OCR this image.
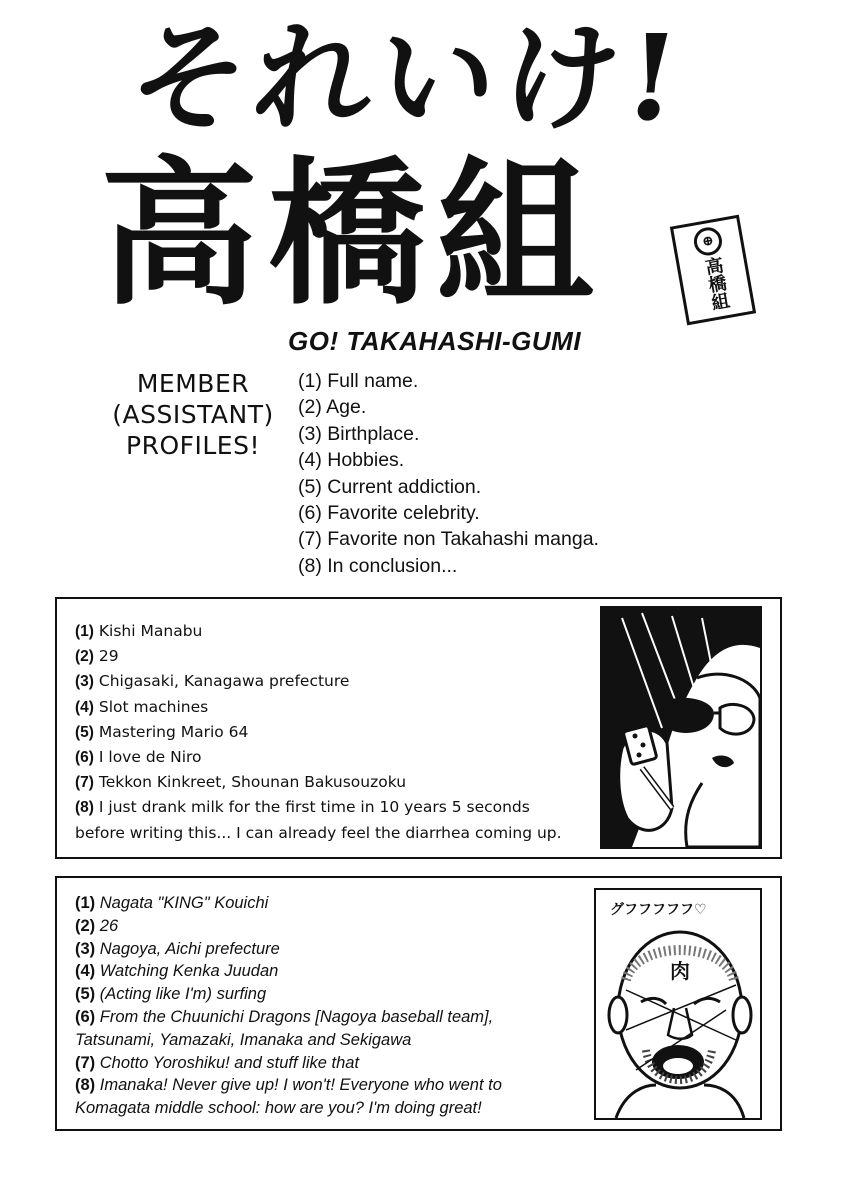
それいけ!
高橋組	⊕
高橋組
GO! TAKAHASHI-GUMI
MEMBER
(ASSISTANT)
PROFILES!
(1) Full name.
(2) Age.
(3) Birthplace.
(4) Hobbies.
(5) Current addiction.
(6) Favorite celebrity.
(7) Favorite non Takahashi manga.
(8) In conclusion...
(1) Kishi Manabu
(2) 29
(3) Chigasaki, Kanagawa prefecture
(4) Slot machines
(5) Mastering Mario 64
(6) I love de Niro
(7) Tekkon Kinkreet, Shounan Bakusouzoku
(8) I just drank milk for the first time in 10 years 5 seconds
before writing this... I can already feel the diarrhea coming up.
(1) Nagata "KING" Kouichi
(2) 26
(3) Nagoya, Aichi prefecture
(4) Watching Kenka Juudan
(5) (Acting like I'm) surfing
(6) From the Chuunichi Dragons [Nagoya baseball team],
Tatsunami, Yamazaki, Imanaka and Sekigawa
(7) Chotto Yoroshiku! and stuff like that
(8) Imanaka! Never give up! I won't! Everyone who went to
Komagata middle school: how are you? I'm doing great!
グフフフフフ♡
肉
